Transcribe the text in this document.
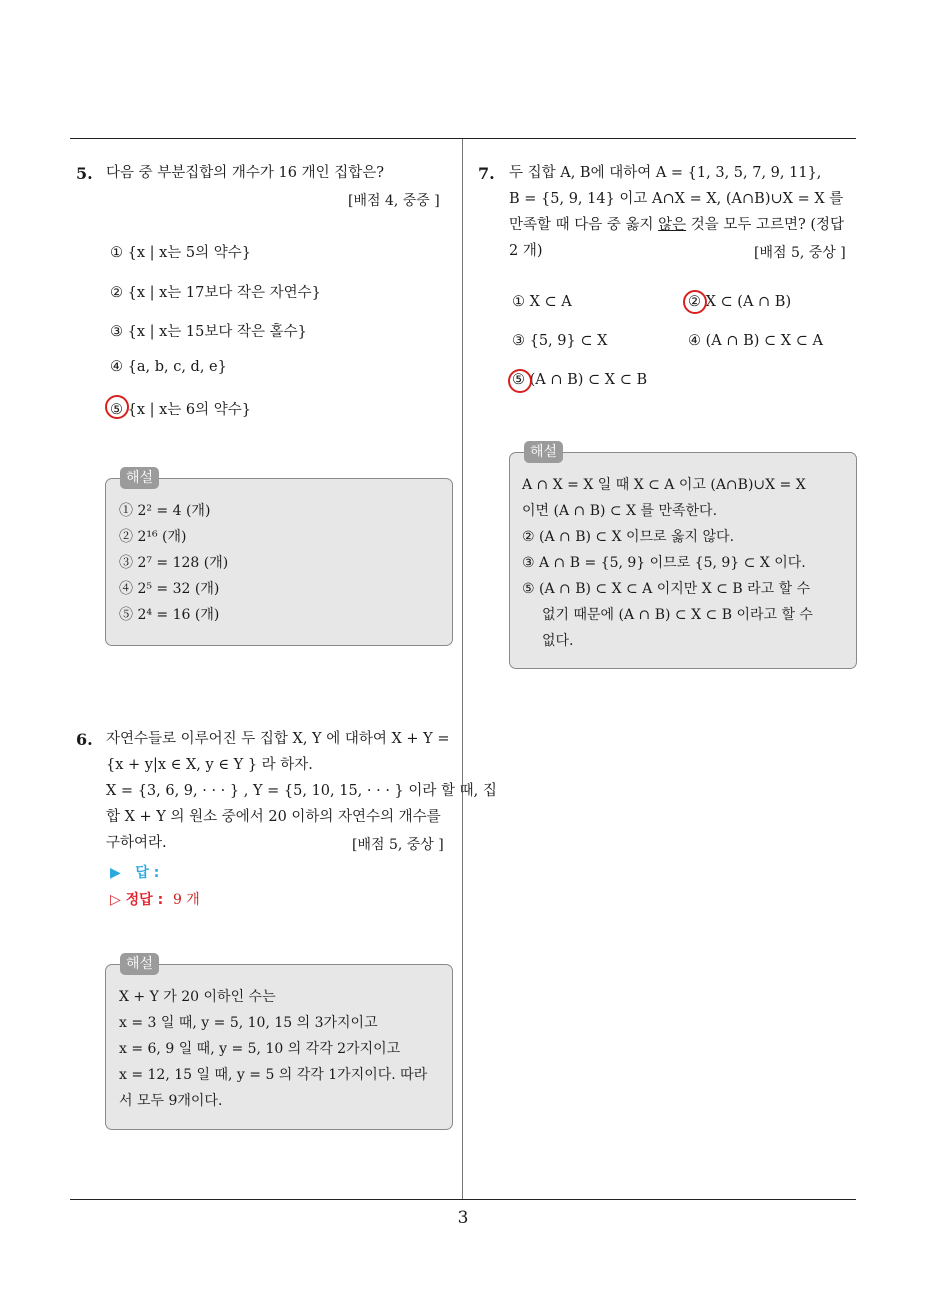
5. 다음 중 부분집합의 개수가 16 개인 집합은?
[배점 4, 중중 ]
① {x | x는 5의 약수}
② {x | x는 17보다 작은 자연수}
③ {x | x는 15보다 작은 홀수}
④ {a, b, c, d, e}
⑤ {x | x는 6의 약수}
해설
① 2² = 4 (개)
② 2¹⁶ (개)
③ 2⁷ = 128 (개)
④ 2⁵ = 32 (개)
⑤ 2⁴ = 16 (개)
6. 자연수들로 이루어진 두 집합 X, Y 에 대하여 X + Y =
{x + y|x ∈ X, y ∈ Y } 라 하자.
X = {3, 6, 9, · · · } , Y = {5, 10, 15, · · · } 이라 할 때, 집
합 X + Y 의 원소 중에서 20 이하의 자연수의 개수를
구하여라.	[배점 5, 중상 ]
▶ 답 :
▷ 정답 : 9 개
해설
X + Y 가 20 이하인 수는
x = 3 일 때, y = 5, 10, 15 의 3가지이고
x = 6, 9 일 때, y = 5, 10 의 각각 2가지이고
x = 12, 15 일 때, y = 5 의 각각 1가지이다. 따라
서 모두 9개이다.
7. 두 집합 A, B에 대하여 A = {1, 3, 5, 7, 9, 11},
B = {5, 9, 14} 이고 A∩X = X, (A∩B)∪X = X 를
만족할 때 다음 중 옳지 않은 것을 모두 고르면? (정답
2 개)	[배점 5, 중상 ]
① X ⊂ A	② X ⊂ (A ∩ B)
③ {5, 9} ⊂ X	④ (A ∩ B) ⊂ X ⊂ A
⑤ (A ∩ B) ⊂ X ⊂ B
해설
A ∩ X = X 일 때 X ⊂ A 이고 (A∩B)∪X = X
이면 (A ∩ B) ⊂ X 를 만족한다.
② (A ∩ B) ⊂ X 이므로 옳지 않다.
③ A ∩ B = {5, 9} 이므로 {5, 9} ⊂ X 이다.
⑤ (A ∩ B) ⊂ X ⊂ A 이지만 X ⊂ B 라고 할 수
없기 때문에 (A ∩ B) ⊂ X ⊂ B 이라고 할 수
없다.
3
